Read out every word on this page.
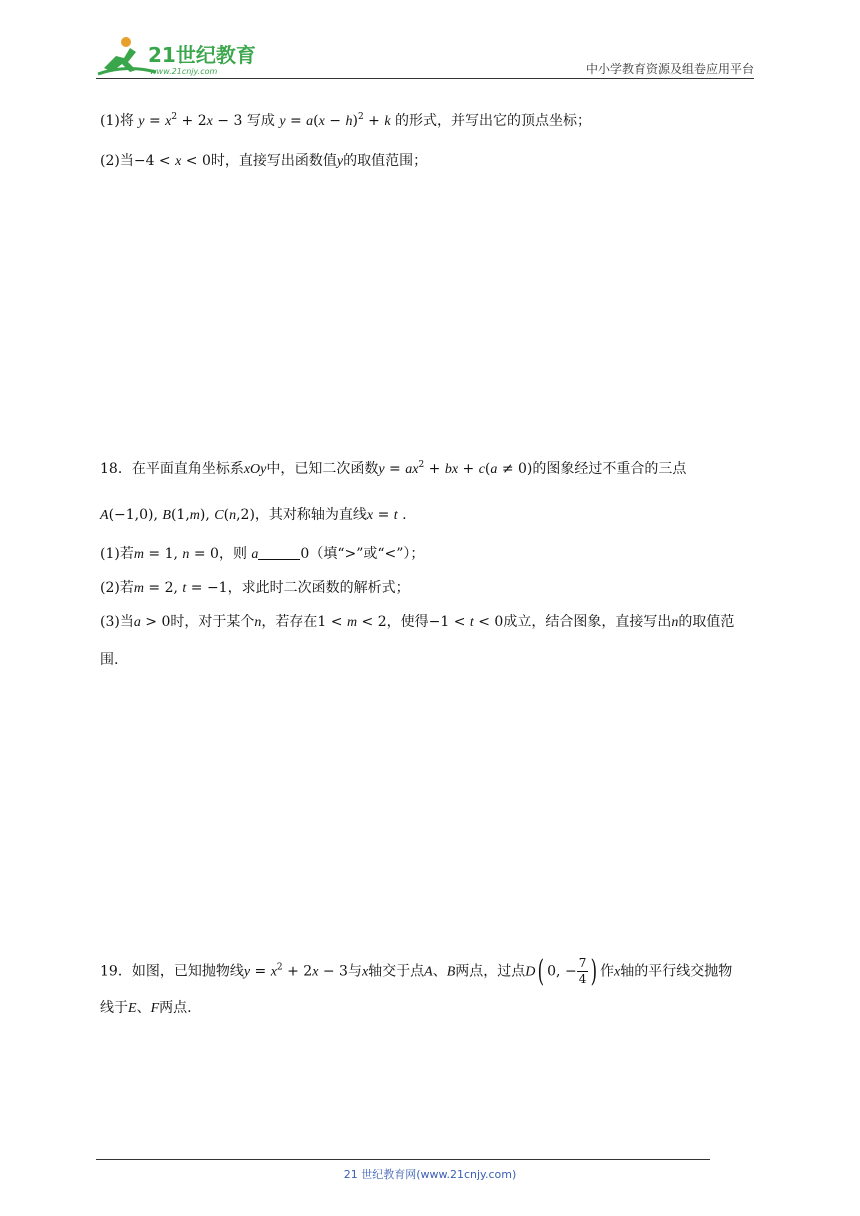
21世纪教育
www.21cnjy.com	中小学教育资源及组卷应用平台
(1)将 $y = x^2 + 2x - 3$ 写成 $y = a(x - h)^2 + k$ 的形式，并写出它的顶点坐标；
(2)当−4 < x < 0时，直接写出函数值y的取值范围；
18．在平面直角坐标系xOy中，已知二次函数$y = ax^2$ + bx + c(a ≠ 0)的图象经过不重合的三点
A(−1,0), B(1,m), C(n,2)，其对称轴为直线x = t .
(1)若m = 1, n = 0，则 a	0（填“>”或“<”）；
(2)若m = 2, t = −1，求此时二次函数的解析式；
(3)当a > 0时，对于某个n，若存在1 < m < 2，使得−1 < t < 0成立，结合图象，直接写出n的取值范
围.
19．如图，已知抛物线$y = x^2 + 2x - 3$与x轴交于点A、B两点，过点D( 0, − $\frac{7}{4}$ ) 作x轴的平行线交抛物
线于E、F两点.
21 世纪教育网(www.21cnjy.com)
